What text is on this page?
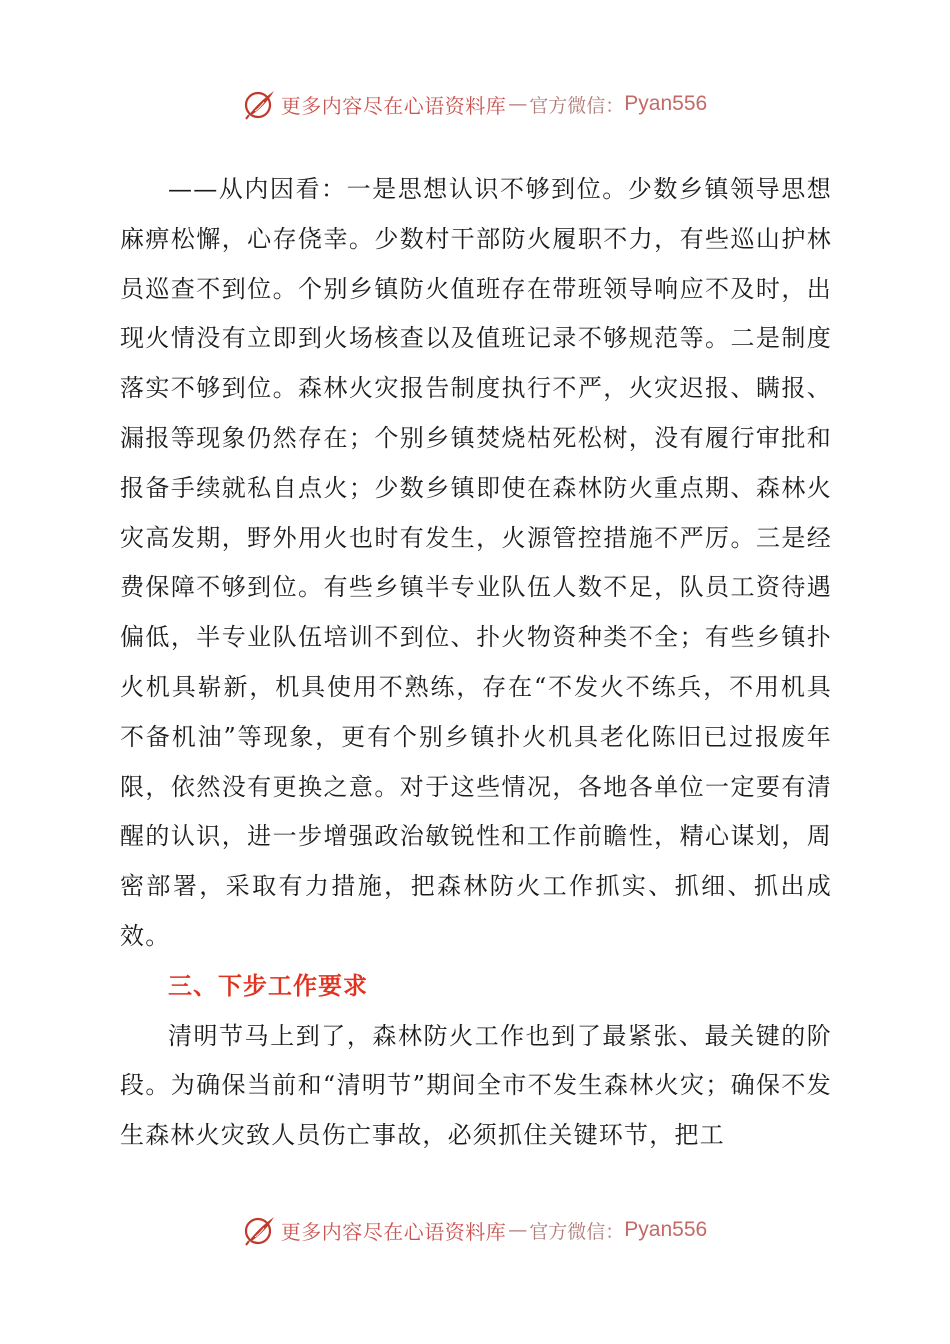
更多内容尽在心语资料库 — 官方微信： Pyan556

——从内因看：一是思想认识不够到位。少数乡镇领导思想麻痹松懈，心存侥幸。少数村干部防火履职不力，有些巡山护林员巡查不到位。个别乡镇防火值班存在带班领导响应不及时，出现火情没有立即到火场核查以及值班记录不够规范等。二是制度落实不够到位。森林火灾报告制度执行不严，火灾迟报、瞒报、漏报等现象仍然存在；个别乡镇焚烧枯死松树，没有履行审批和报备手续就私自点火；少数乡镇即使在森林防火重点期、森林火灾高发期，野外用火也时有发生，火源管控措施不严厉。三是经费保障不够到位。有些乡镇半专业队伍人数不足，队员工资待遇偏低，半专业队伍培训不到位、扑火物资种类不全；有些乡镇扑火机具崭新，机具使用不熟练，存在“不发火不练兵，不用机具不备机油”等现象，更有个别乡镇扑火机具老化陈旧已过报废年限，依然没有更换之意。对于这些情况，各地各单位一定要有清醒的认识，进一步增强政治敏锐性和工作前瞻性，精心谋划，周密部署，采取有力措施，把森林防火工作抓实、抓细、抓出成效。

三、下步工作要求

清明节马上到了，森林防火工作也到了最紧张、最关键的阶段。为确保当前和“清明节”期间全市不发生森林火灾；确保不发生森林火灾致人员伤亡事故，必须抓住关键环节，把工

更多内容尽在心语资料库 — 官方微信： Pyan556
